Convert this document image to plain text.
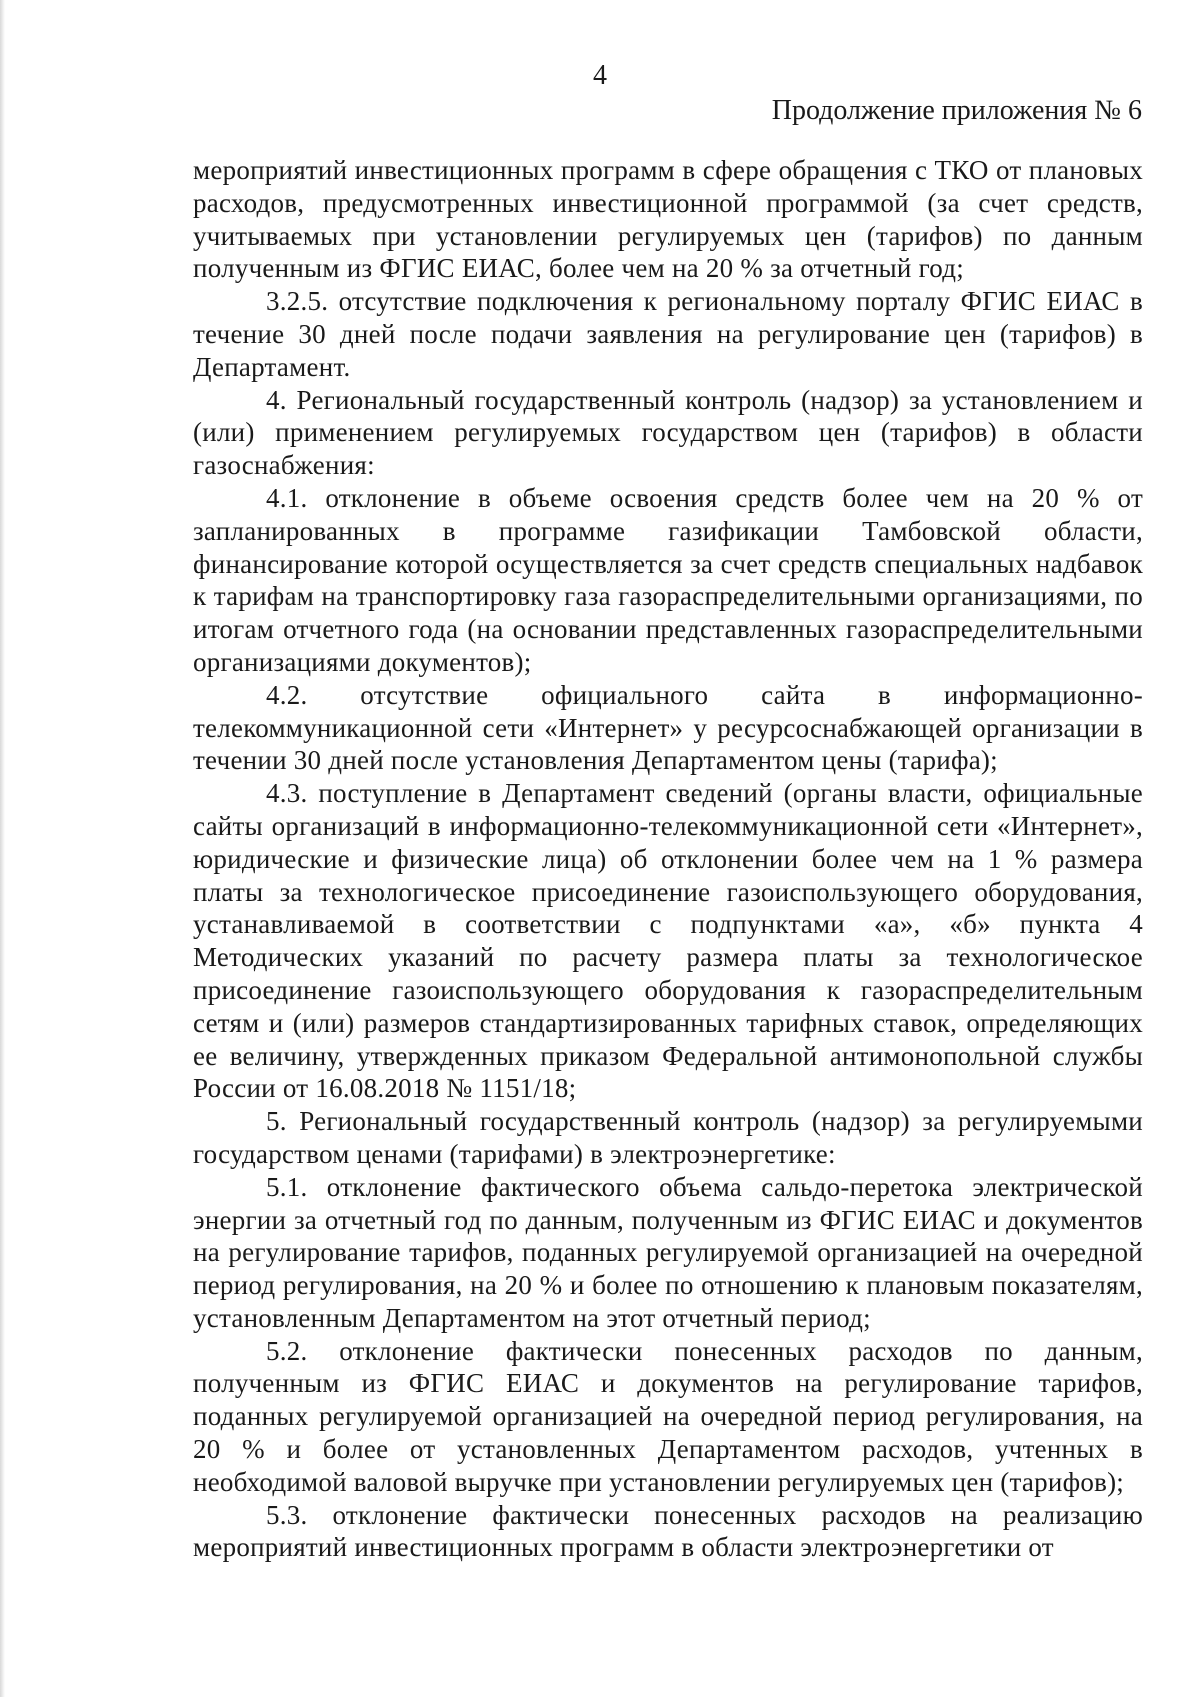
4
Продолжение приложения № 6

мероприятий инвестиционных программ в сфере обращения с ТКО от плановых расходов, предусмотренных инвестиционной программой (за счет средств, учитываемых при установлении регулируемых цен (тарифов) по данным полученным из ФГИС ЕИАС, более чем на 20 % за отчетный год;

3.2.5. отсутствие подключения к региональному порталу ФГИС ЕИАС в течение 30 дней после подачи заявления на регулирование цен (тарифов) в Департамент.

4. Региональный государственный контроль (надзор) за установлением и (или) применением регулируемых государством цен (тарифов) в области газоснабжения:

4.1. отклонение в объеме освоения средств более чем на 20 % от запланированных в программе газификации Тамбовской области, финансирование которой осуществляется за счет средств специальных надбавок к тарифам на транспортировку газа газораспределительными организациями, по итогам отчетного года (на основании представленных газораспределительными организациями документов);

4.2. отсутствие официального сайта в информационно-телекоммуникационной сети «Интернет» у ресурсоснабжающей организации в течении 30 дней после установления Департаментом цены (тарифа);

4.3. поступление в Департамент сведений (органы власти, официальные сайты организаций в информационно-телекоммуникационной сети «Интернет», юридические и физические лица) об отклонении более чем на 1 % размера платы за технологическое присоединение газоиспользующего оборудования, устанавливаемой в соответствии с подпунктами «а», «б» пункта 4 Методических указаний по расчету размера платы за технологическое присоединение газоиспользующего оборудования к газораспределительным сетям и (или) размеров стандартизированных тарифных ставок, определяющих ее величину, утвержденных приказом Федеральной антимонопольной службы России от 16.08.2018 № 1151/18;

5. Региональный государственный контроль (надзор) за регулируемыми государством ценами (тарифами) в электроэнергетике:

5.1. отклонение фактического объема сальдо-перетока электрической энергии за отчетный год по данным, полученным из ФГИС ЕИАС и документов на регулирование тарифов, поданных регулируемой организацией на очередной период регулирования, на 20 % и более по отношению к плановым показателям, установленным Департаментом на этот отчетный период;

5.2. отклонение фактически понесенных расходов по данным, полученным из ФГИС ЕИАС и документов на регулирование тарифов, поданных регулируемой организацией на очередной период регулирования, на 20 % и более от установленных Департаментом расходов, учтенных в необходимой валовой выручке при установлении регулируемых цен (тарифов);

5.3. отклонение фактически понесенных расходов на реализацию мероприятий инвестиционных программ в области электроэнергетики от
